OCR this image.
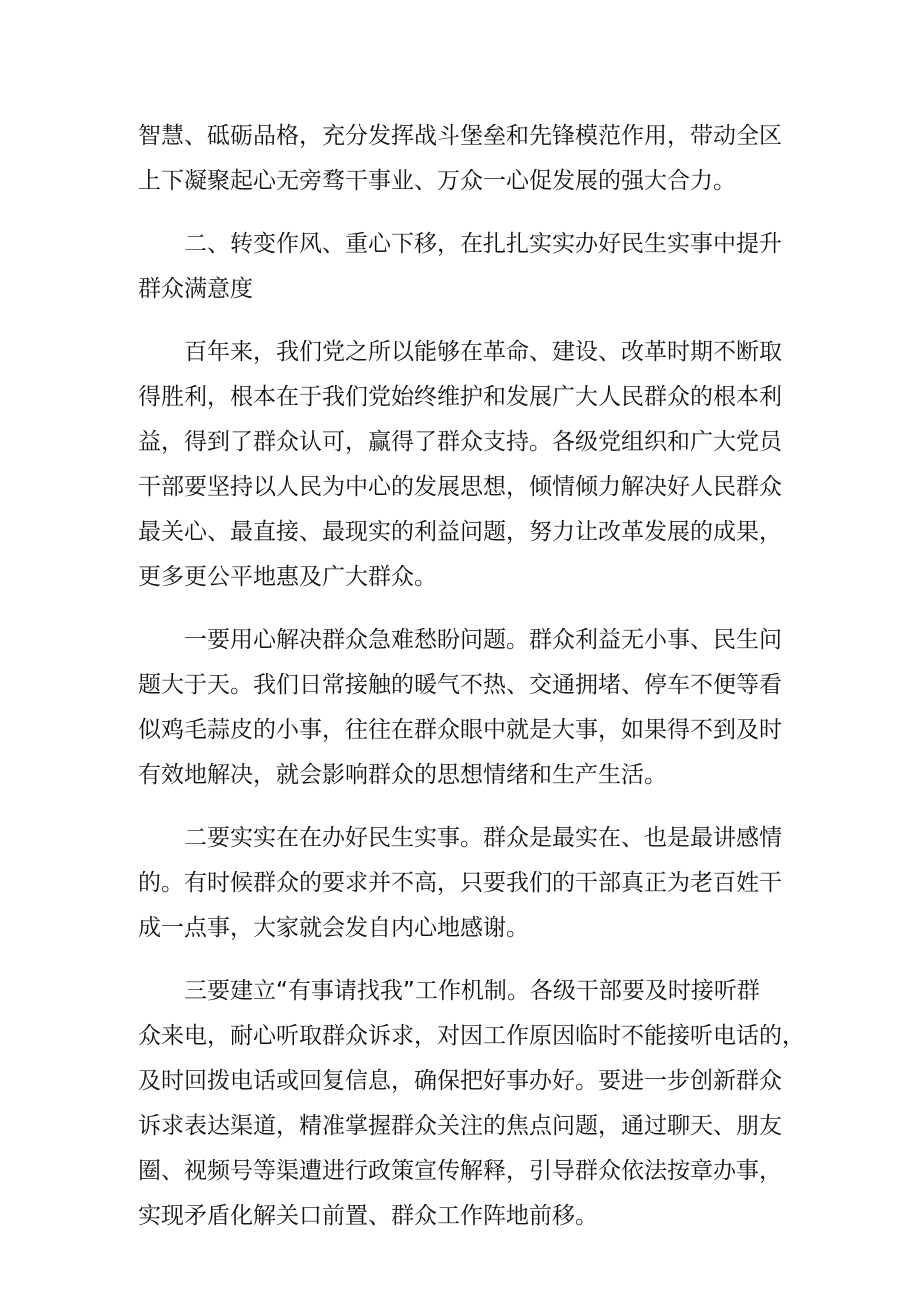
智慧、砥砺品格，充分发挥战斗堡垒和先锋模范作用，带动全区
上下凝聚起心无旁骛干事业、万众一心促发展的强大合力。

二、转变作风、重心下移，在扎扎实实办好民生实事中提升
群众满意度

百年来，我们党之所以能够在革命、建设、改革时期不断取
得胜利，根本在于我们党始终维护和发展广大人民群众的根本利
益，得到了群众认可，赢得了群众支持。各级党组织和广大党员
干部要坚持以人民为中心的发展思想，倾情倾力解决好人民群众
最关心、最直接、最现实的利益问题，努力让改革发展的成果，
更多更公平地惠及广大群众。

一要用心解决群众急难愁盼问题。群众利益无小事、民生问
题大于天。我们日常接触的暖气不热、交通拥堵、停车不便等看
似鸡毛蒜皮的小事，往往在群众眼中就是大事，如果得不到及时
有效地解决，就会影响群众的思想情绪和生产生活。

二要实实在在办好民生实事。群众是最实在、也是最讲感情
的。有时候群众的要求并不高，只要我们的干部真正为老百姓干
成一点事，大家就会发自内心地感谢。

三要建立“有事请找我”工作机制。各级干部要及时接听群
众来电，耐心听取群众诉求，对因工作原因临时不能接听电话的，
及时回拨电话或回复信息，确保把好事办好。要进一步创新群众
诉求表达渠道，精准掌握群众关注的焦点问题，通过聊天、朋友
圈、视频号等渠遭进行政策宣传解释，引导群众依法按章办事，
实现矛盾化解关口前置、群众工作阵地前移。
